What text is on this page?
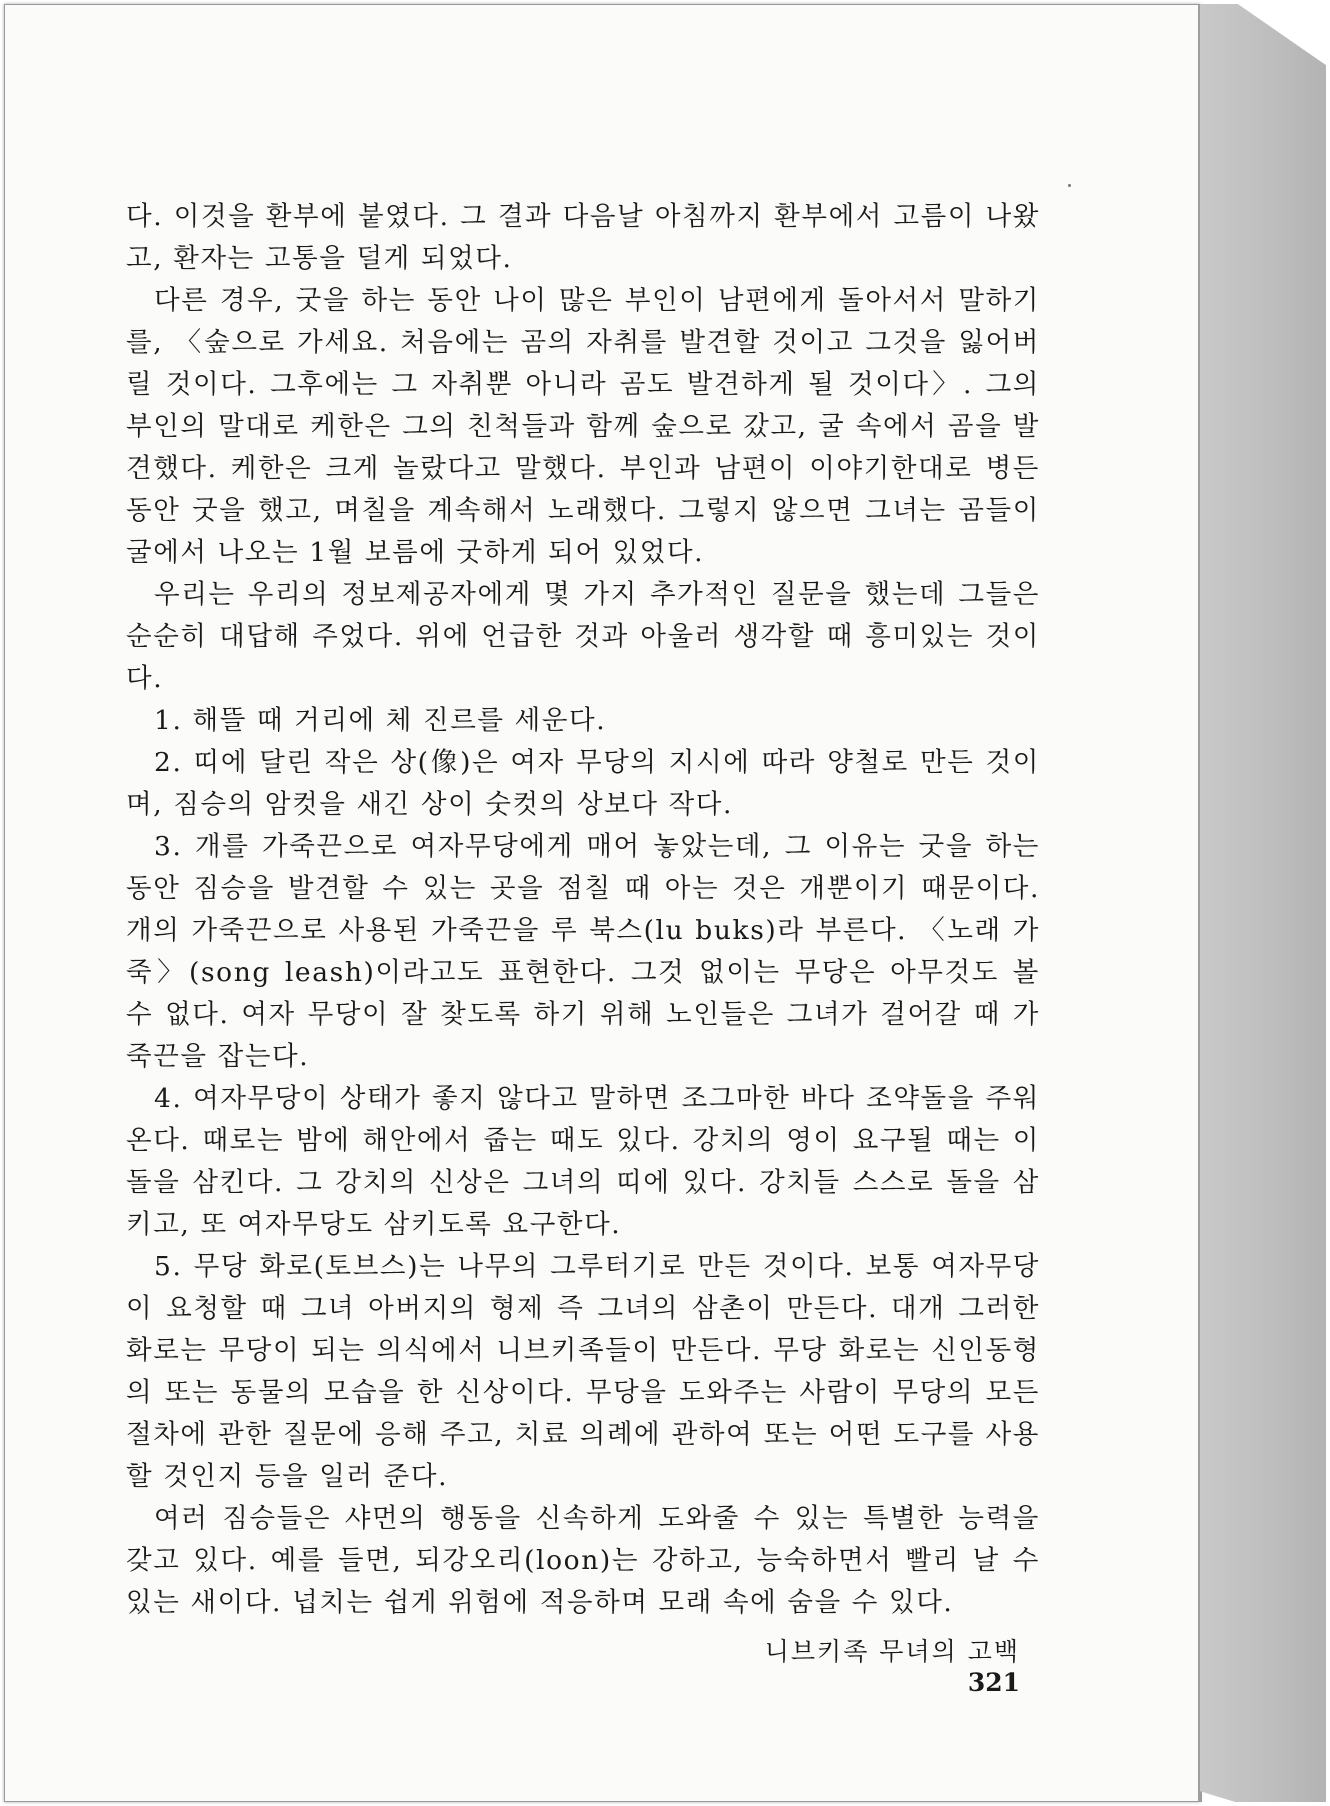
다. 이것을 환부에 붙였다. 그 결과 다음날 아침까지 환부에서 고름이 나왔고, 환자는 고통을 덜게 되었다.

다른 경우, 굿을 하는 동안 나이 많은 부인이 남편에게 돌아서서 말하기를, 〈숲으로 가세요. 처음에는 곰의 자취를 발견할 것이고 그것을 잃어버릴 것이다. 그후에는 그 자취뿐 아니라 곰도 발견하게 될 것이다〉. 그의 부인의 말대로 케한은 그의 친척들과 함께 숲으로 갔고, 굴 속에서 곰을 발견했다. 케한은 크게 놀랐다고 말했다. 부인과 남편이 이야기한대로 병든 동안 굿을 했고, 며칠을 계속해서 노래했다. 그렇지 않으면 그녀는 곰들이 굴에서 나오는 1월 보름에 굿하게 되어 있었다.

우리는 우리의 정보제공자에게 몇 가지 추가적인 질문을 했는데 그들은 순순히 대답해 주었다. 위에 언급한 것과 아울러 생각할 때 흥미있는 것이다.

1. 해뜰 때 거리에 체 진르를 세운다.

2. 띠에 달린 작은 상(像)은 여자 무당의 지시에 따라 양철로 만든 것이며, 짐승의 암컷을 새긴 상이 숫컷의 상보다 작다.

3. 개를 가죽끈으로 여자무당에게 매어 놓았는데, 그 이유는 굿을 하는 동안 짐승을 발견할 수 있는 곳을 점칠 때 아는 것은 개뿐이기 때문이다. 개의 가죽끈으로 사용된 가죽끈을 루 북스(lu buks)라 부른다. 〈노래 가죽〉(song leash)이라고도 표현한다. 그것 없이는 무당은 아무것도 볼 수 없다. 여자 무당이 잘 찾도록 하기 위해 노인들은 그녀가 걸어갈 때 가죽끈을 잡는다.

4. 여자무당이 상태가 좋지 않다고 말하면 조그마한 바다 조약돌을 주워온다. 때로는 밤에 해안에서 줍는 때도 있다. 강치의 영이 요구될 때는 이 돌을 삼킨다. 그 강치의 신상은 그녀의 띠에 있다. 강치들 스스로 돌을 삼키고, 또 여자무당도 삼키도록 요구한다.

5. 무당 화로(토브스)는 나무의 그루터기로 만든 것이다. 보통 여자무당이 요청할 때 그녀 아버지의 형제 즉 그녀의 삼촌이 만든다. 대개 그러한 화로는 무당이 되는 의식에서 니브키족들이 만든다. 무당 화로는 신인동형의 또는 동물의 모습을 한 신상이다. 무당을 도와주는 사람이 무당의 모든 절차에 관한 질문에 응해 주고, 치료 의례에 관하여 또는 어떤 도구를 사용할 것인지 등을 일러 준다.

여러 짐승들은 샤먼의 행동을 신속하게 도와줄 수 있는 특별한 능력을 갖고 있다. 예를 들면, 되강오리(loon)는 강하고, 능숙하면서 빨리 날 수 있는 새이다. 넙치는 쉽게 위험에 적응하며 모래 속에 숨을 수 있다.

니브키족 무녀의 고백321
